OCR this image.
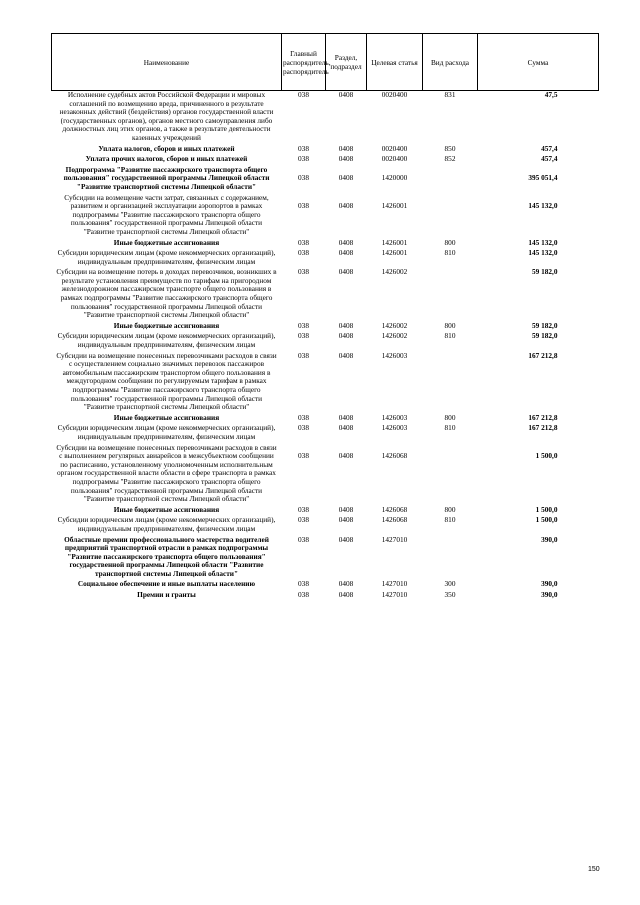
Наименование	Главный распорядитель, распорядитель	Раздел, подраздел	Целевая статья	Вид расхода	Сумма
Исполнение судебных актов Российской Федерации и мировых соглашений по возмещению вреда, причиненного в результате незаконных действий (бездействия) органов государственной власти (государственных органов), органов местного самоуправления либо должностных лиц этих органов, а также в результате деятельности казенных учреждений	038	0408	0020400	831	47,5
Уплата налогов, сборов и иных платежей	038	0408	0020400	850	457,4
Уплата прочих налогов, сборов и иных платежей	038	0408	0020400	852	457,4
Подпрограмма "Развитие пассажирского транспорта общего пользования" государственной программы Липецкой области "Развитие транспортной системы Липецкой области"	038	0408	1420000		395 051,4
Субсидии на возмещение части затрат, связанных с содержанием, развитием и организацией эксплуатации аэропортов в рамках подпрограммы "Развитие пассажирского транспорта общего пользования" государственной программы Липецкой области "Развитие транспортной системы Липецкой области"	038	0408	1426001		145 132,0
Иные бюджетные ассигнования	038	0408	1426001	800	145 132,0
Субсидии юридическим лицам (кроме некоммерческих организаций), индивидуальным предпринимателям, физическим лицам	038	0408	1426001	810	145 132,0
Субсидии на возмещение потерь в доходах перевозчиков, возникших в результате установления преимуществ по тарифам на пригородном железнодорожном пассажирском транспорте общего пользования в рамках подпрограммы "Развитие пассажирского транспорта общего пользования" государственной программы Липецкой области "Развитие транспортной системы Липецкой области"	038	0408	1426002		59 182,0
Иные бюджетные ассигнования	038	0408	1426002	800	59 182,0
Субсидии юридическим лицам (кроме некоммерческих организаций), индивидуальным предпринимателям, физическим лицам	038	0408	1426002	810	59 182,0
Субсидии на возмещение понесенных перевозчиками расходов в связи с осуществлением социально значимых перевозок пассажиров автомобильным пассажирским транспортом общего пользования в междугородном сообщении по регулируемым тарифам в рамках подпрограммы "Развитие пассажирского транспорта общего пользования" государственной программы Липецкой области "Развитие транспортной системы Липецкой области"	038	0408	1426003		167 212,8
Иные бюджетные ассигнования	038	0408	1426003	800	167 212,8
Субсидии юридическим лицам (кроме некоммерческих организаций), индивидуальным предпринимателям, физическим лицам	038	0408	1426003	810	167 212,8
Субсидии на возмещение понесенных перевозчиками расходов в связи с выполнением регулярных авиарейсов в межсубъектном сообщении по расписанию, установленному уполномоченным исполнительным органом государственной власти области в сфере транспорта в рамках подпрограммы "Развитие пассажирского транспорта общего пользования" государственной программы Липецкой области "Развитие транспортной системы Липецкой области"	038	0408	1426068		1 500,0
Иные бюджетные ассигнования	038	0408	1426068	800	1 500,0
Субсидии юридическим лицам (кроме некоммерческих организаций), индивидуальным предпринимателям, физическим лицам	038	0408	1426068	810	1 500,0
Областные премии профессионального мастерства водителей предприятий транспортной отрасли в рамках подпрограммы "Развитие пассажирского транспорта общего пользования" государственной программы Липецкой области "Развитие транспортной системы Липецкой области"	038	0408	1427010		390,0
Социальное обеспечение и иные выплаты населению	038	0408	1427010	300	390,0
Премии и гранты	038	0408	1427010	350	390,0
150
